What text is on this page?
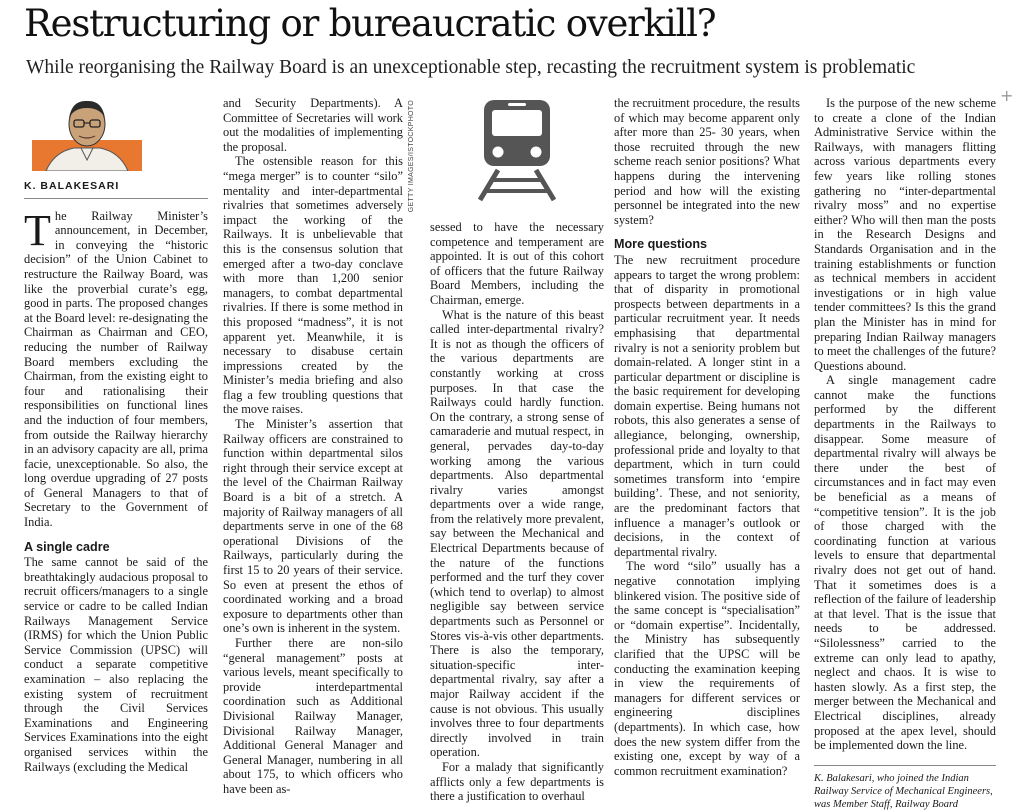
Restructuring or bureaucratic overkill?

While reorganising the Railway Board is an unexceptionable step, recasting the recruitment system is problematic

+
K. BALAKESARI

The Railway Minister’s announcement, in December, in conveying the “historic decision” of the Union Cabinet to restructure the Railway Board, was like the proverbial curate’s egg, good in parts. The proposed changes at the Board level: re-designating the Chairman as Chairman and CEO, reducing the number of Railway Board members excluding the Chairman, from the existing eight to four and rationalising their responsibilities on functional lines and the induction of four members, from outside the Railway hierarchy in an advisory capacity are all, prima facie, unexceptionable. So also, the long overdue upgrading of 27 posts of General Managers to that of Secretary to the Government of India.

A single cadre

The same cannot be said of the breathtakingly audacious proposal to recruit officers/managers to a single service or cadre to be called Indian Railways Management Service (IRMS) for which the Union Public Service Commission (UPSC) will conduct a separate competitive examination – also replacing the existing system of recruitment through the Civil Services Examinations and Engineering Services Examinations into the eight organised services within the Railways (excluding the Medical

and Security Departments). A Committee of Secretaries will work out the modalities of implementing the proposal.

The ostensible reason for this “mega merger” is to counter “silo” mentality and inter-departmental rivalries that sometimes adversely impact the working of the Railways. It is unbelievable that this is the consensus solution that emerged after a two-day conclave with more than 1,200 senior managers, to combat departmental rivalries. If there is some method in this proposed “madness”, it is not apparent yet. Meanwhile, it is necessary to disabuse certain impressions created by the Minister’s media briefing and also flag a few troubling questions that the move raises.

The Minister’s assertion that Railway officers are constrained to function within departmental silos right through their service except at the level of the Chairman Railway Board is a bit of a stretch. A majority of Railway managers of all departments serve in one of the 68 operational Divisions of the Railways, particularly during the first 15 to 20 years of their service. So even at present the ethos of coordinated working and a broad exposure to departments other than one’s own is inherent in the system.

Further there are non-silo “general management” posts at various levels, meant specifically to provide interdepartmental coordination such as Additional Divisional Railway Manager, Divisional Railway Manager, Additional General Manager and General Manager, numbering in all about 175, to which officers who have been as-

GETTY IMAGES/ISTOCKPHOTO

sessed to have the necessary competence and temperament are appointed. It is out of this cohort of officers that the future Railway Board Members, including the Chairman, emerge.

What is the nature of this beast called inter-departmental rivalry? It is not as though the officers of the various departments are constantly working at cross purposes. In that case the Railways could hardly function. On the contrary, a strong sense of camaraderie and mutual respect, in general, pervades day-to-day working among the various departments. Also departmental rivalry varies amongst departments over a wide range, from the relatively more prevalent, say between the Mechanical and Electrical Departments because of the nature of the functions performed and the turf they cover (which tend to overlap) to almost negligible say between service departments such as Personnel or Stores vis-à-vis other departments. There is also the temporary, situation-specific inter-departmental rivalry, say after a major Railway accident if the cause is not obvious. This usually involves three to four departments directly involved in train operation.

For a malady that significantly afflicts only a few departments is there a justification to overhaul

the recruitment procedure, the results of which may become apparent only after more than 25- 30 years, when those recruited through the new scheme reach senior positions? What happens during the intervening period and how will the existing personnel be integrated into the new system?

More questions

The new recruitment procedure appears to target the wrong problem: that of disparity in promotional prospects between departments in a particular recruitment year. It needs emphasising that departmental rivalry is not a seniority problem but domain-related. A longer stint in a particular department or discipline is the basic requirement for developing domain expertise. Being humans not robots, this also generates a sense of allegiance, belonging, ownership, professional pride and loyalty to that department, which in turn could sometimes transform into ‘empire building’. These, and not seniority, are the predominant factors that influence a manager’s outlook or decisions, in the context of departmental rivalry.

The word “silo” usually has a negative connotation implying blinkered vision. The positive side of the same concept is “specialisation” or “domain expertise”. Incidentally, the Ministry has subsequently clarified that the UPSC will be conducting the examination keeping in view the requirements of managers for different services or engineering disciplines (departments). In which case, how does the new system differ from the existing one, except by way of a common recruitment examination?

Is the purpose of the new scheme to create a clone of the Indian Administrative Service within the Railways, with managers flitting across various departments every few years like rolling stones gathering no “inter-departmental rivalry moss” and no expertise either? Who will then man the posts in the Research Designs and Standards Organisation and in the training establishments or function as technical members in accident investigations or in high value tender committees? Is this the grand plan the Minister has in mind for preparing Indian Railway managers to meet the challenges of the future? Questions abound.

A single management cadre cannot make the functions performed by the different departments in the Railways to disappear. Some measure of departmental rivalry will always be there under the best of circumstances and in fact may even be beneficial as a means of “competitive tension”. It is the job of those charged with the coordinating function at various levels to ensure that departmental rivalry does not get out of hand. That it sometimes does is a reflection of the failure of leadership at that level. That is the issue that needs to be addressed. “Silolessness” carried to the extreme can only lead to apathy, neglect and chaos. It is wise to hasten slowly. As a first step, the merger between the Mechanical and Electrical disciplines, already proposed at the apex level, should be implemented down the line.

K. Balakesari, who joined the Indian Railway Service of Mechanical Engineers, was Member Staff, Railway Board
